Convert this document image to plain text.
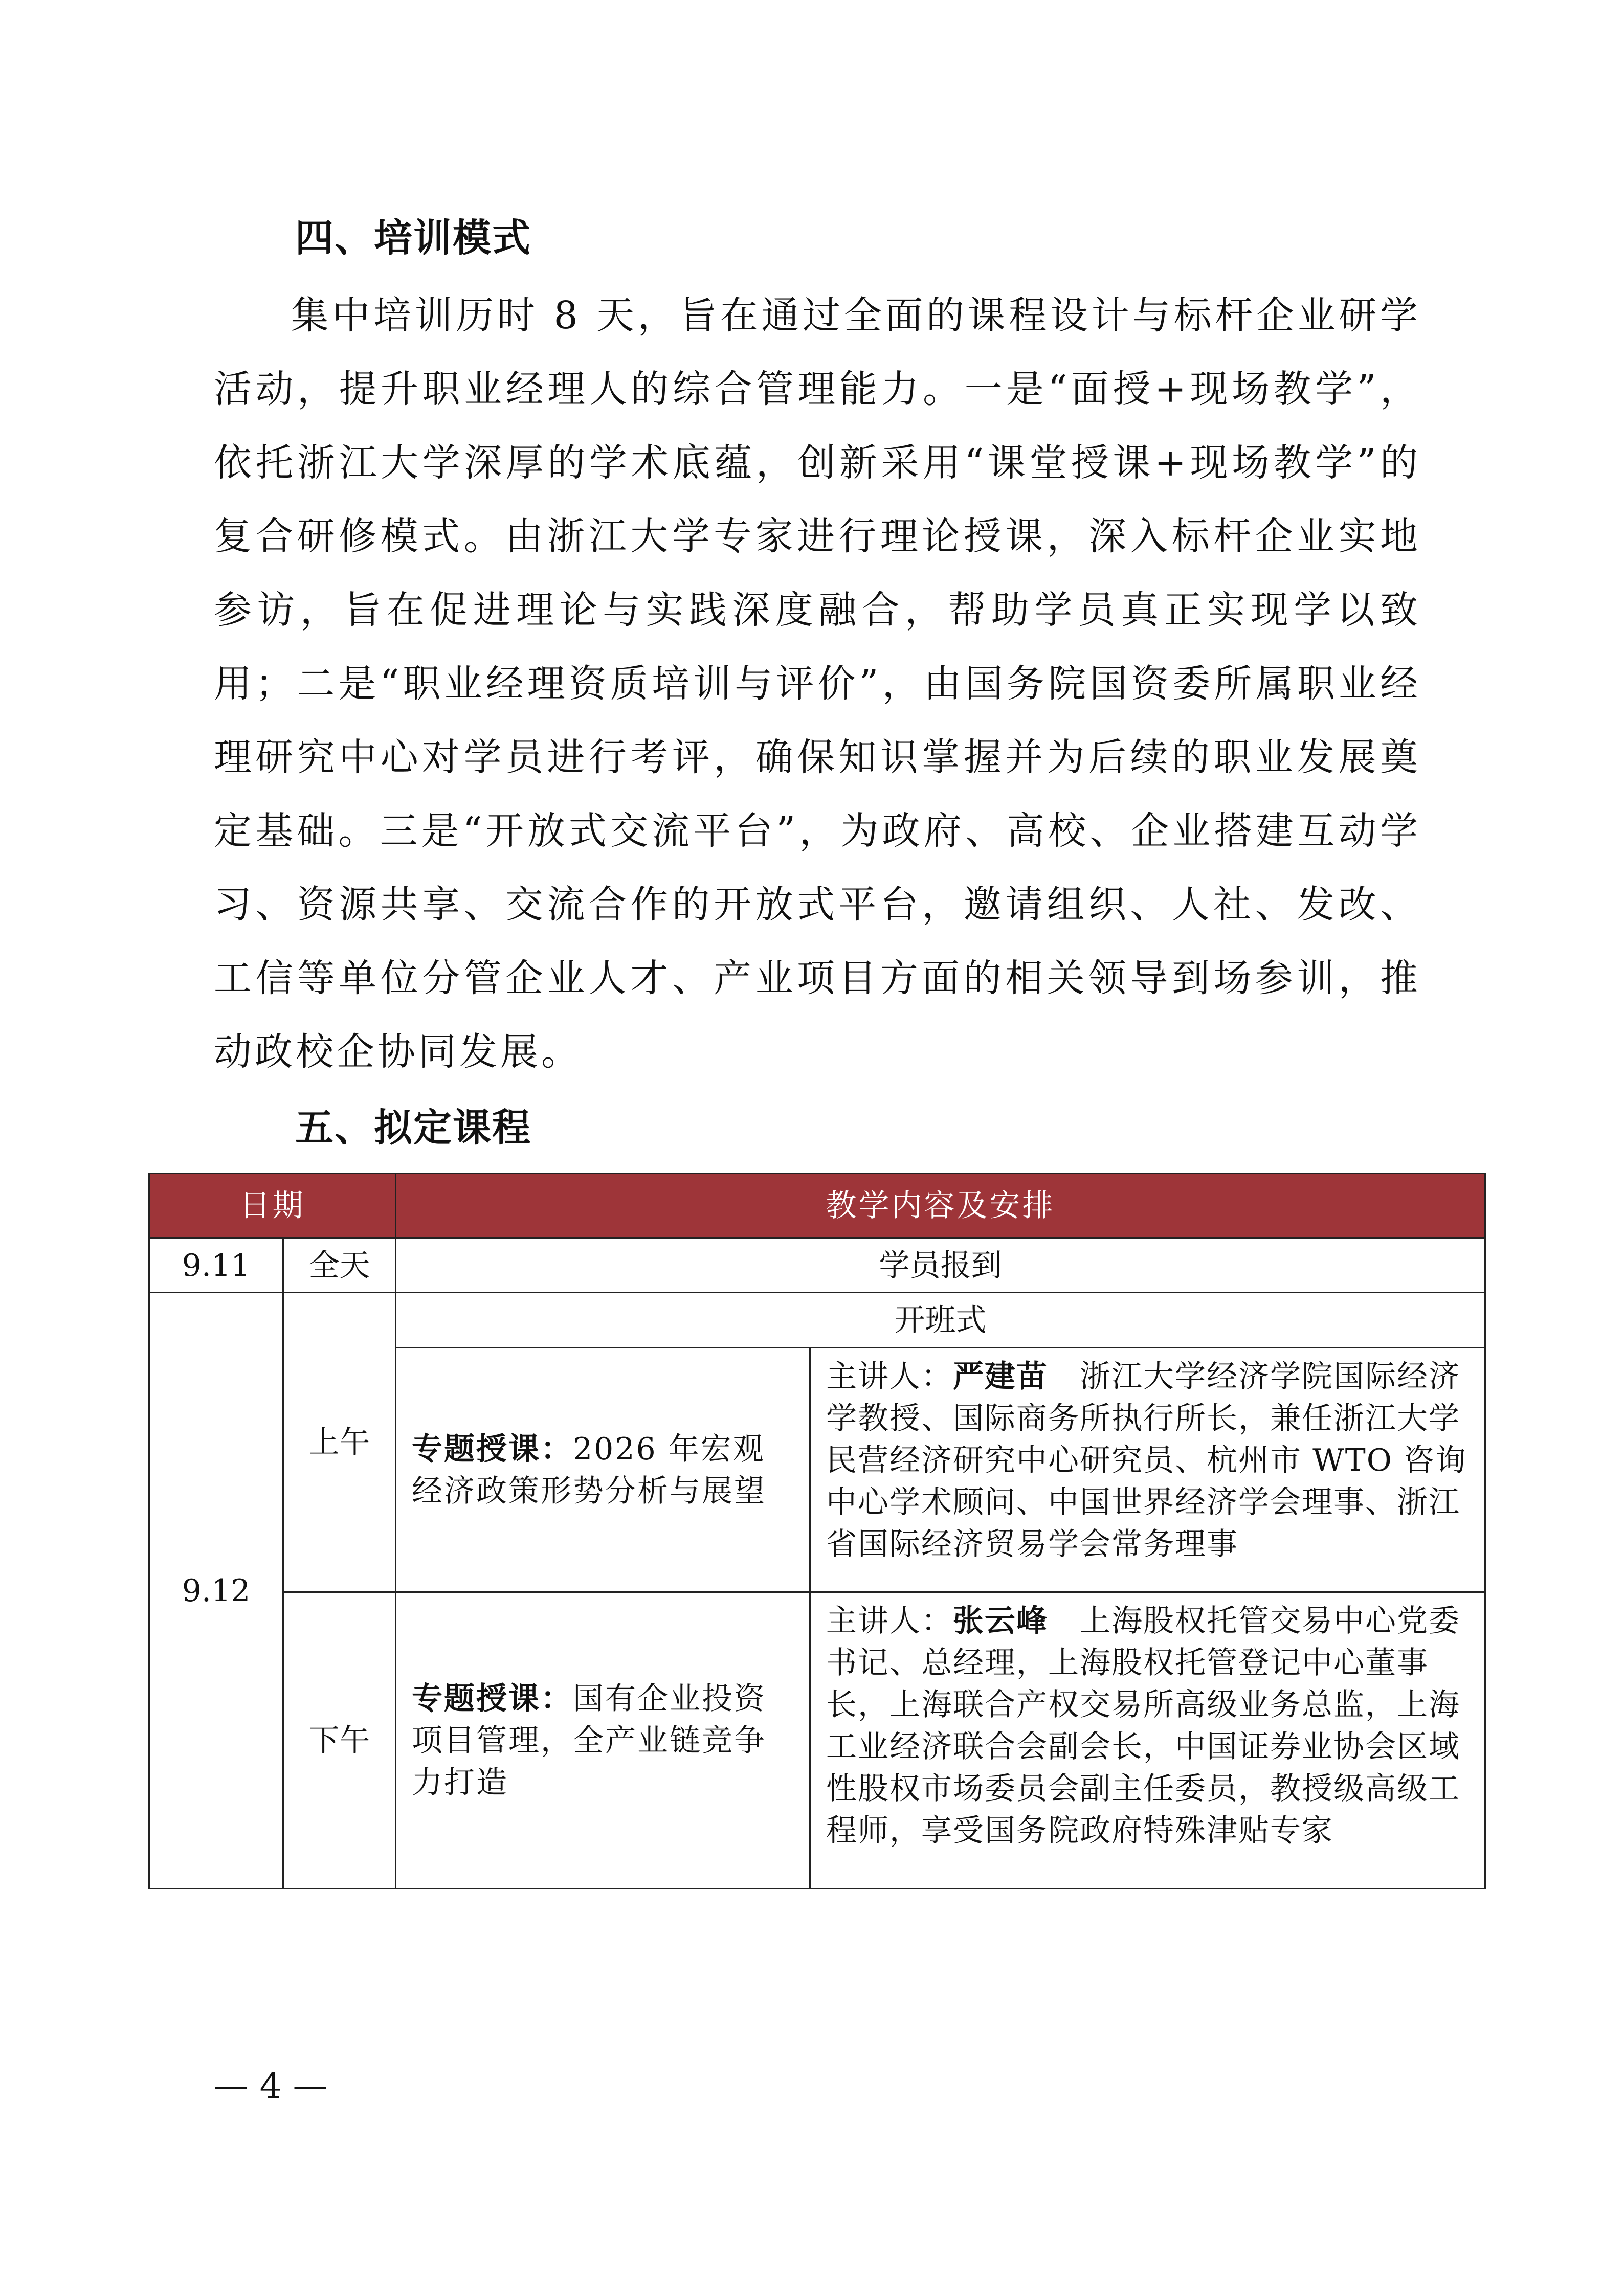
四、培训模式

集中培训历时 8 天，旨在通过全面的课程设计与标杆企业研学活动，提升职业经理人的综合管理能力。一是“面授+现场教学”，依托浙江大学深厚的学术底蕴，创新采用“课堂授课+现场教学”的复合研修模式。由浙江大学专家进行理论授课，深入标杆企业实地参访，旨在促进理论与实践深度融合，帮助学员真正实现学以致用；二是“职业经理资质培训与评价”，由国务院国资委所属职业经理研究中心对学员进行考评，确保知识掌握并为后续的职业发展奠定基础。三是“开放式交流平台”，为政府、高校、企业搭建互动学习、资源共享、交流合作的开放式平台，邀请组织、人社、发改、工信等单位分管企业人才、产业项目方面的相关领导到场参训，推动政校企协同发展。

五、拟定课程
日期		教学内容及安排	
9.11	全天	学员报到	
9.12	上午	开班式	
		专题授课：2026 年宏观经济政策形势分析与展望	主讲人：严建苗  浙江大学经济学院国际经济学教授、国际商务所执行所长，兼任浙江大学民营经济研究中心研究员、杭州市 WTO 咨询中心学术顾问、中国世界经济学会理事、浙江省国际经济贸易学会常务理事
	下午	专题授课：国有企业投资项目管理，全产业链竞争力打造	主讲人：张云峰  上海股权托管交易中心党委书记、总经理，上海股权托管登记中心董事长，上海联合产权交易所高级业务总监，上海工业经济联合会副会长，中国证券业协会区域性股权市场委员会副主任委员，教授级高级工程师，享受国务院政府特殊津贴专家

— 4 —
